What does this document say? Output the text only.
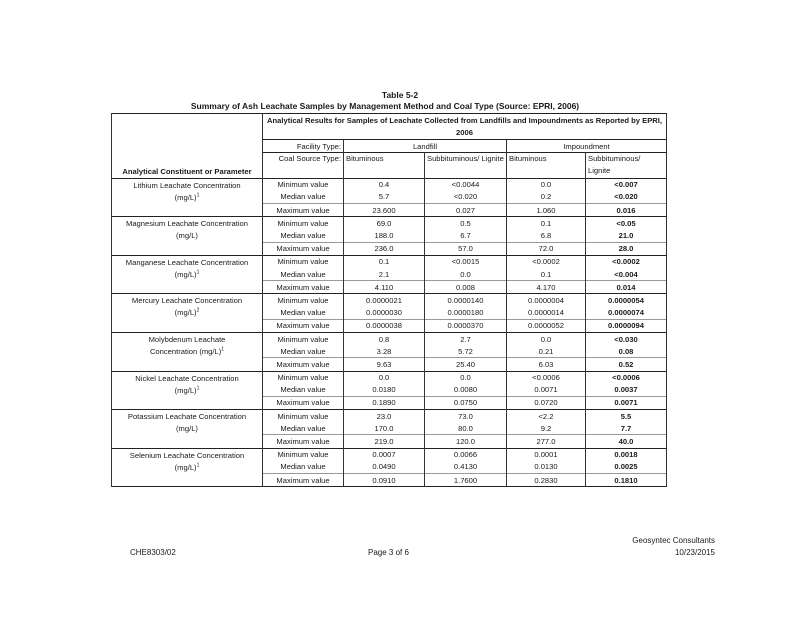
Table 5-2
Summary of Ash Leachate Samples by Management Method and Coal Type (Source: EPRI, 2006)
	Analytical Results for Samples of Leachate Collected from Landfills and Impoundments as Reported by EPRI, 2006				
	Facility Type:	Landfill		Impoundment	
Analytical Constituent or Parameter	Coal Source Type:	Bituminous	Subbituminous/ Lignite	Bituminous	Subbituminous/ Lignite
Lithium Leachate Concentration
$(mg/L)^1$	Minimum value	0.4	<0.0044	0.0	<0.007
	Median value	5.7	<0.020	0.2	<0.020
	Maximum value	23.600	0.027	1.060	0.016
Magnesium Leachate Concentration
(mg/L)	Minimum value	69.0	0.5	0.1	<0.05
	Median value	188.0	6.7	6.8	21.0
	Maximum value	236.0	57.0	72.0	28.0
Manganese Leachate Concentration
$(mg/L)^1$	Minimum value	0.1	<0.0015	<0.0002	<0.0002
	Median value	2.1	0.0	0.1	<0.004
	Maximum value	4.110	0.008	4.170	0.014
Mercury Leachate Concentration
$(mg/L)^2$	Minimum value	0.0000021	0.0000140	0.0000004	0.0000054
	Median value	0.0000030	0.0000180	0.0000014	0.0000074
	Maximum value	0.0000038	0.0000370	0.0000052	0.0000094
Molybdenum Leachate
Concentration $(mg/L)^1$	Minimum value	0.8	2.7	0.0	<0.030
	Median value	3.28	5.72	0.21	0.08
	Maximum value	9.63	25.40	6.03	0.52
Nickel Leachate Concentration
$(mg/L)^1$	Minimum value	0.0	0.0	<0.0006	<0.0006
	Median value	0.0180	0.0080	0.0071	0.0037
	Maximum value	0.1890	0.0750	0.0720	0.0071
Potassium Leachate Concentration
(mg/L)	Minimum value	23.0	73.0	<2.2	5.5
	Median value	170.0	80.0	9.2	7.7
	Maximum value	219.0	120.0	277.0	40.0
Selenium Leachate Concentration
$(mg/L)^1$	Minimum value	0.0007	0.0066	0.0001	0.0018
	Median value	0.0490	0.4130	0.0130	0.0025
	Maximum value	0.0910	1.7600	0.2830	0.1810
CHE8303/02	Page 3 of 6
Geosyntec Consultants
10/23/2015
